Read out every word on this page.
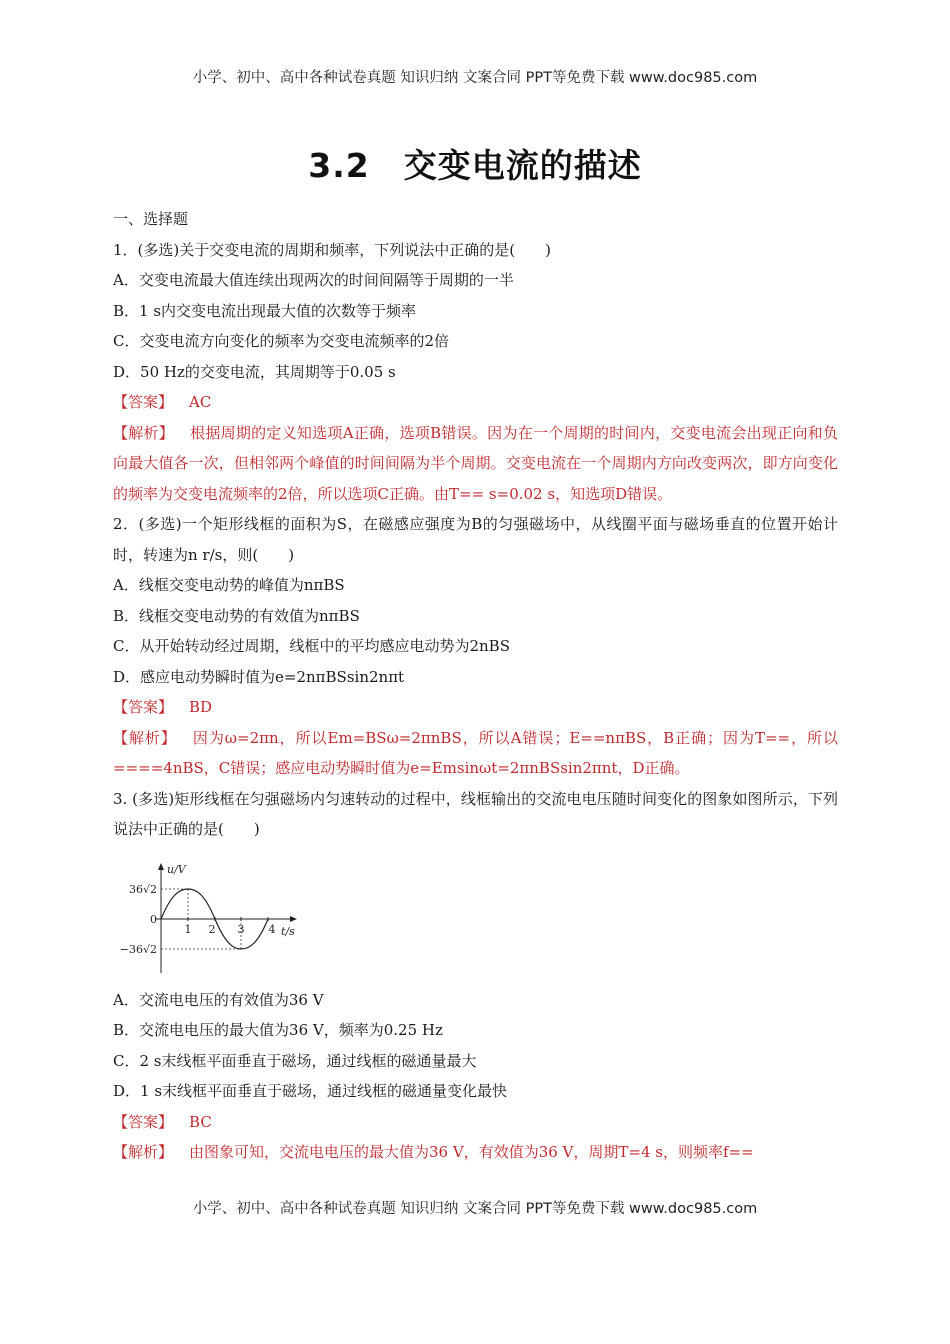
小学、初中、高中各种试卷真题 知识归纳 文案合同 PPT等免费下载 www.doc985.com
3.2　交变电流的描述
一、选择题
1．(多选)关于交变电流的周期和频率，下列说法中正确的是(　　)
A．交变电流最大值连续出现两次的时间间隔等于周期的一半
B．1 s内交变电流出现最大值的次数等于频率
C．交变电流方向变化的频率为交变电流频率的2倍
D．50 Hz的交变电流，其周期等于0.05 s
【答案】 AC
【解析】 根据周期的定义知选项A正确，选项B错误。因为在一个周期的时间内，交变电流会出现正向和负向最大值各一次，但相邻两个峰值的时间间隔为半个周期。交变电流在一个周期内方向改变两次，即方向变化的频率为交变电流频率的2倍，所以选项C正确。由T== s=0.02 s，知选项D错误。
2．(多选)一个矩形线框的面积为S，在磁感应强度为B的匀强磁场中，从线圈平面与磁场垂直的位置开始计时，转速为n r/s，则(　　)
A．线框交变电动势的峰值为nπBS
B．线框交变电动势的有效值为nπBS
C．从开始转动经过周期，线框中的平均感应电动势为2nBS
D．感应电动势瞬时值为e=2nπBSsin2nπt
【答案】 BD
【解析】 因为ω=2πn，所以Em=BSω=2πnBS，所以A错误；E==nπBS，B正确；因为T==，所以====4nBS，C错误；感应电动势瞬时值为e=Emsinωt=2πnBSsin2πnt，D正确。
3. (多选)矩形线框在匀强磁场内匀速转动的过程中，线框输出的交流电电压随时间变化的图象如图所示，下列说法中正确的是(　　)
u/V
t/s
36√2
0
−36√2
1 2 3 4
A．交流电电压的有效值为36 V
B．交流电电压的最大值为36 V，频率为0.25 Hz
C．2 s末线框平面垂直于磁场，通过线框的磁通量最大
D．1 s末线框平面垂直于磁场，通过线框的磁通量变化最快
【答案】 BC
【解析】 由图象可知，交流电电压的最大值为36 V，有效值为36 V，周期T=4 s，则频率f==
小学、初中、高中各种试卷真题 知识归纳 文案合同 PPT等免费下载 www.doc985.com
